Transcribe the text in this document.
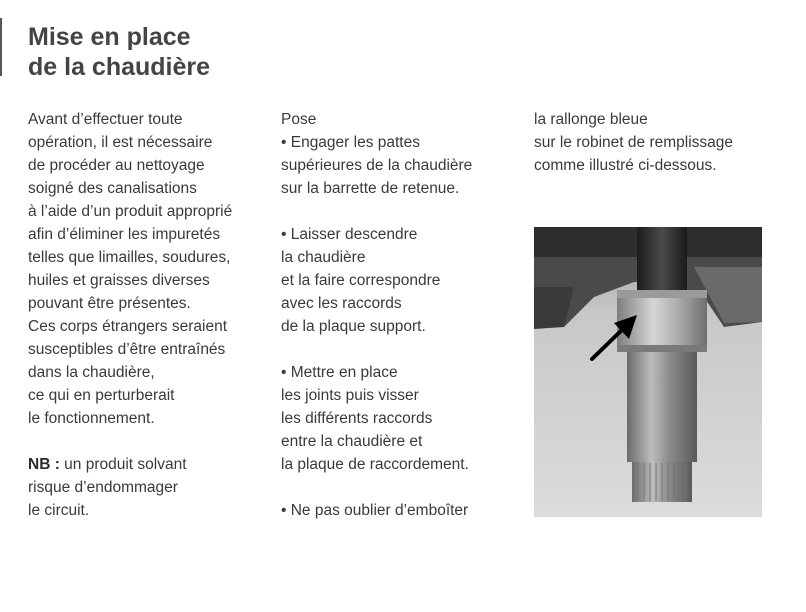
Mise en place
de la chaudière
Avant d’effectuer toute
opération, il est nécessaire
de procéder au nettoyage
soigné des canalisations
à l’aide d’un produit approprié
afin d’éliminer les impuretés
telles que limailles, soudures,
huiles et graisses diverses
pouvant être présentes.
Ces corps étrangers seraient
susceptibles d’être entraînés
dans la chaudière,
ce qui en perturberait
le fonctionnement.
NB : un produit solvant
risque d’endommager
le circuit.
Pose
• Engager les pattes
supérieures de la chaudière
sur la barrette de retenue.
• Laisser descendre
la chaudière
et la faire correspondre
avec les raccords
de la plaque support.
• Mettre en place
les joints puis visser
les différents raccords
entre la chaudière et
la plaque de raccordement.
• Ne pas oublier d’emboîter
la rallonge bleue
sur le robinet de remplissage
comme illustré ci-dessous.
